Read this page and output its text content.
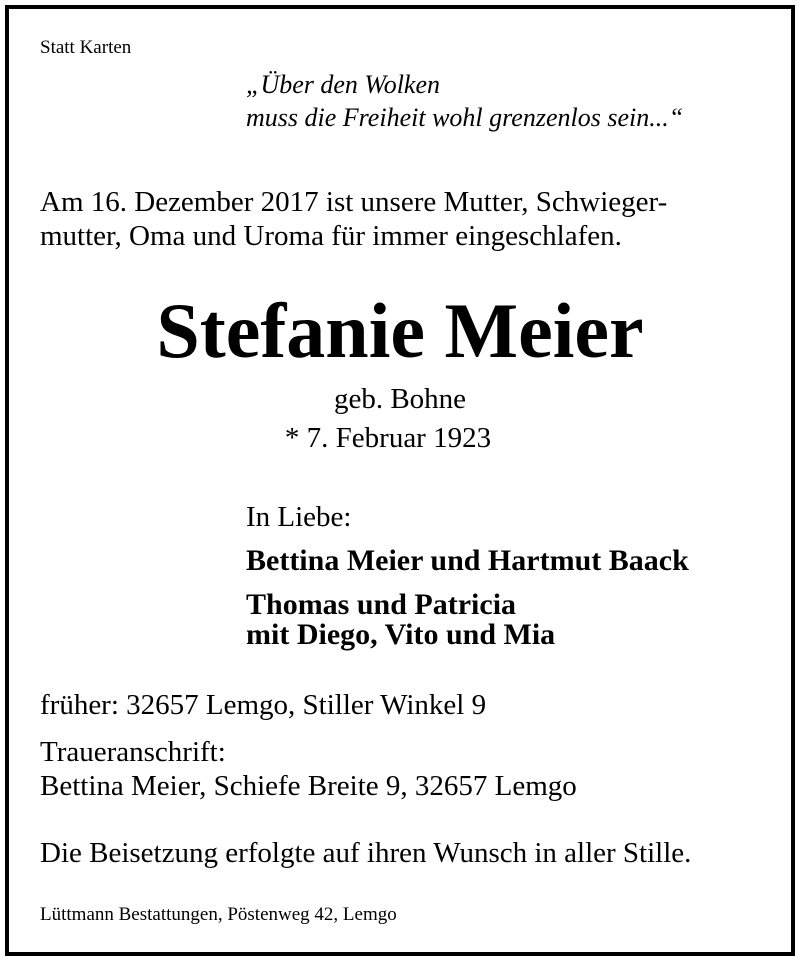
Statt Karten
„Über den Wolken
muss die Freiheit wohl grenzenlos sein...“
Am 16. Dezember 2017 ist unsere Mutter, Schwieger-
mutter, Oma und Uroma für immer eingeschlafen.
Stefanie Meier
geb. Bohne
* 7. Februar 1923
In Liebe:
Bettina Meier und Hartmut Baack
Thomas und Patricia
mit Diego, Vito und Mia
früher: 32657 Lemgo, Stiller Winkel 9
Traueranschrift:
Bettina Meier, Schiefe Breite 9, 32657 Lemgo
Die Beisetzung erfolgte auf ihren Wunsch in aller Stille.
Lüttmann Bestattungen, Pöstenweg 42, Lemgo
